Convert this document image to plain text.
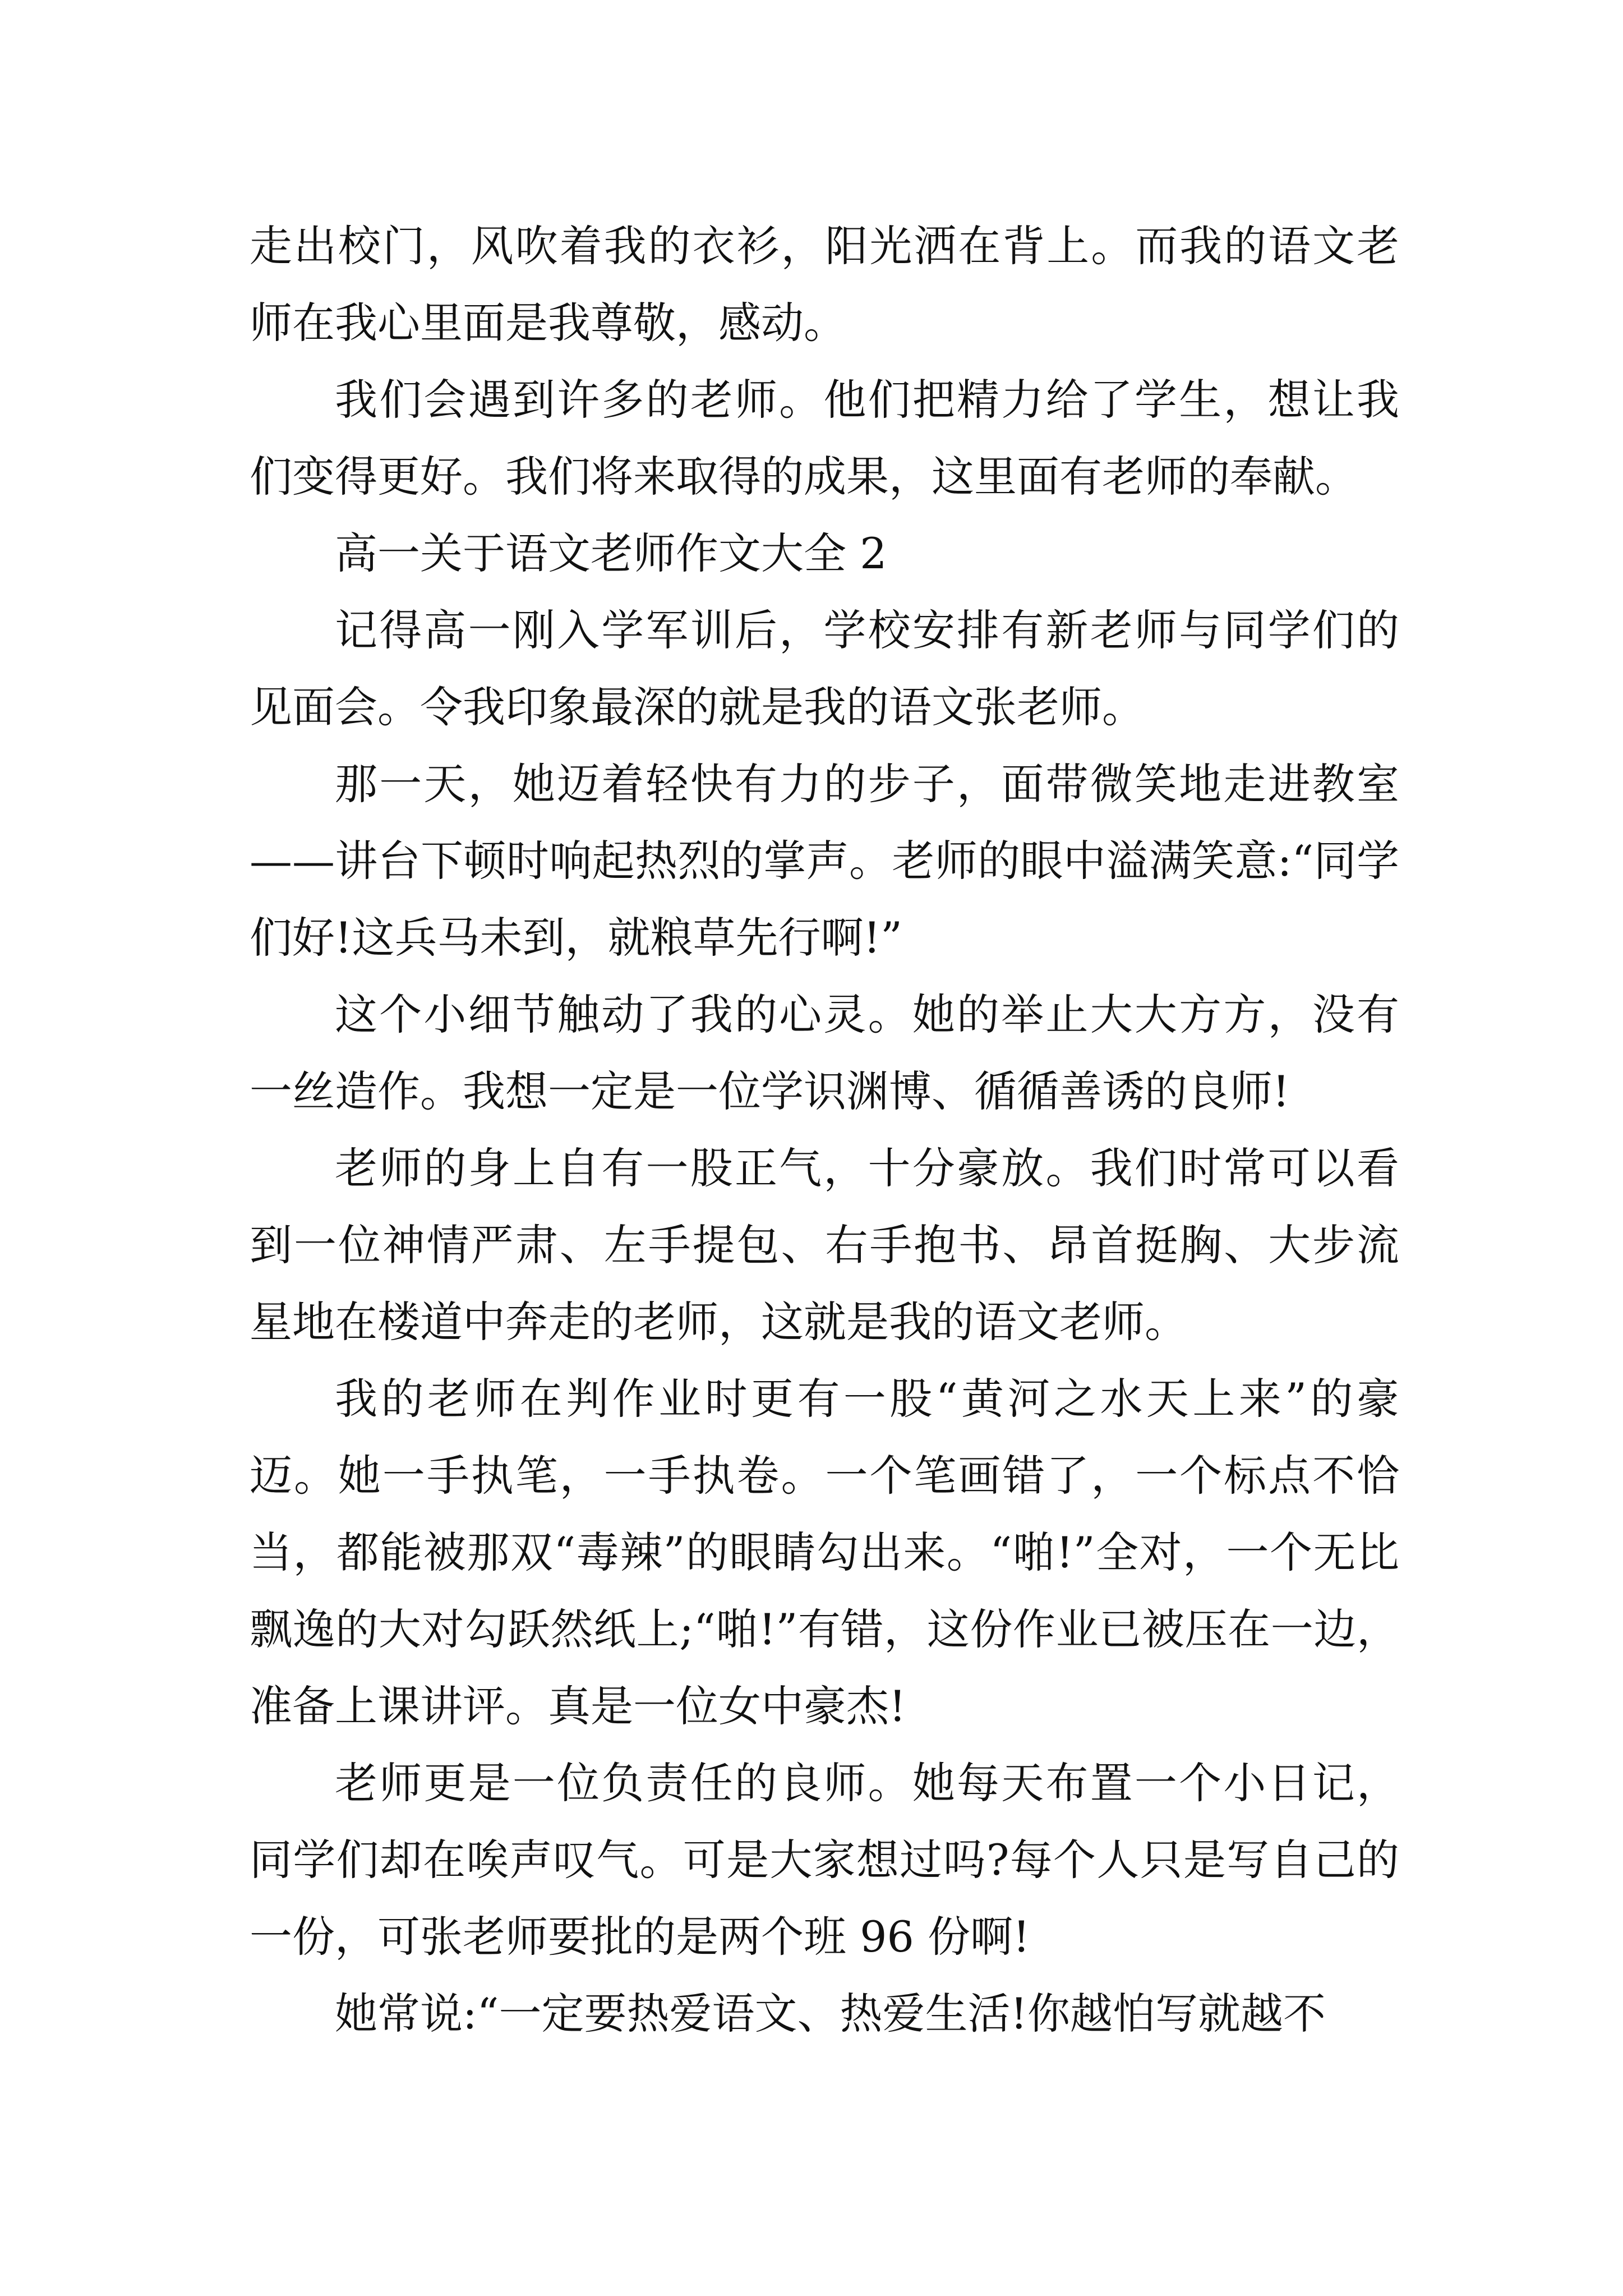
走出校门，风吹着我的衣衫，阳光洒在背上。而我的语文老师在我心里面是我尊敬，感动。

我们会遇到许多的老师。他们把精力给了学生，想让我们变得更好。我们将来取得的成果，这里面有老师的奉献。

高一关于语文老师作文大全 2

记得高一刚入学军训后，学校安排有新老师与同学们的见面会。令我印象最深的就是我的语文张老师。

那一天，她迈着轻快有力的步子，面带微笑地走进教室——讲台下顿时响起热烈的掌声。老师的眼中溢满笑意:“同学们好!这兵马未到，就粮草先行啊!”

这个小细节触动了我的心灵。她的举止大大方方，没有一丝造作。我想一定是一位学识渊博、循循善诱的良师!

老师的身上自有一股正气，十分豪放。我们时常可以看到一位神情严肃、左手提包、右手抱书、昂首挺胸、大步流星地在楼道中奔走的老师，这就是我的语文老师。

我的老师在判作业时更有一股“黄河之水天上来”的豪迈。她一手执笔，一手执卷。一个笔画错了，一个标点不恰当，都能被那双“毒辣”的眼睛勾出来。“啪!”全对，一个无比飘逸的大对勾跃然纸上;“啪!”有错，这份作业已被压在一边，准备上课讲评。真是一位女中豪杰!

老师更是一位负责任的良师。她每天布置一个小日记，同学们却在唉声叹气。可是大家想过吗?每个人只是写自己的一份，可张老师要批的是两个班 96 份啊!

她常说:“一定要热爱语文、热爱生活!你越怕写就越不
